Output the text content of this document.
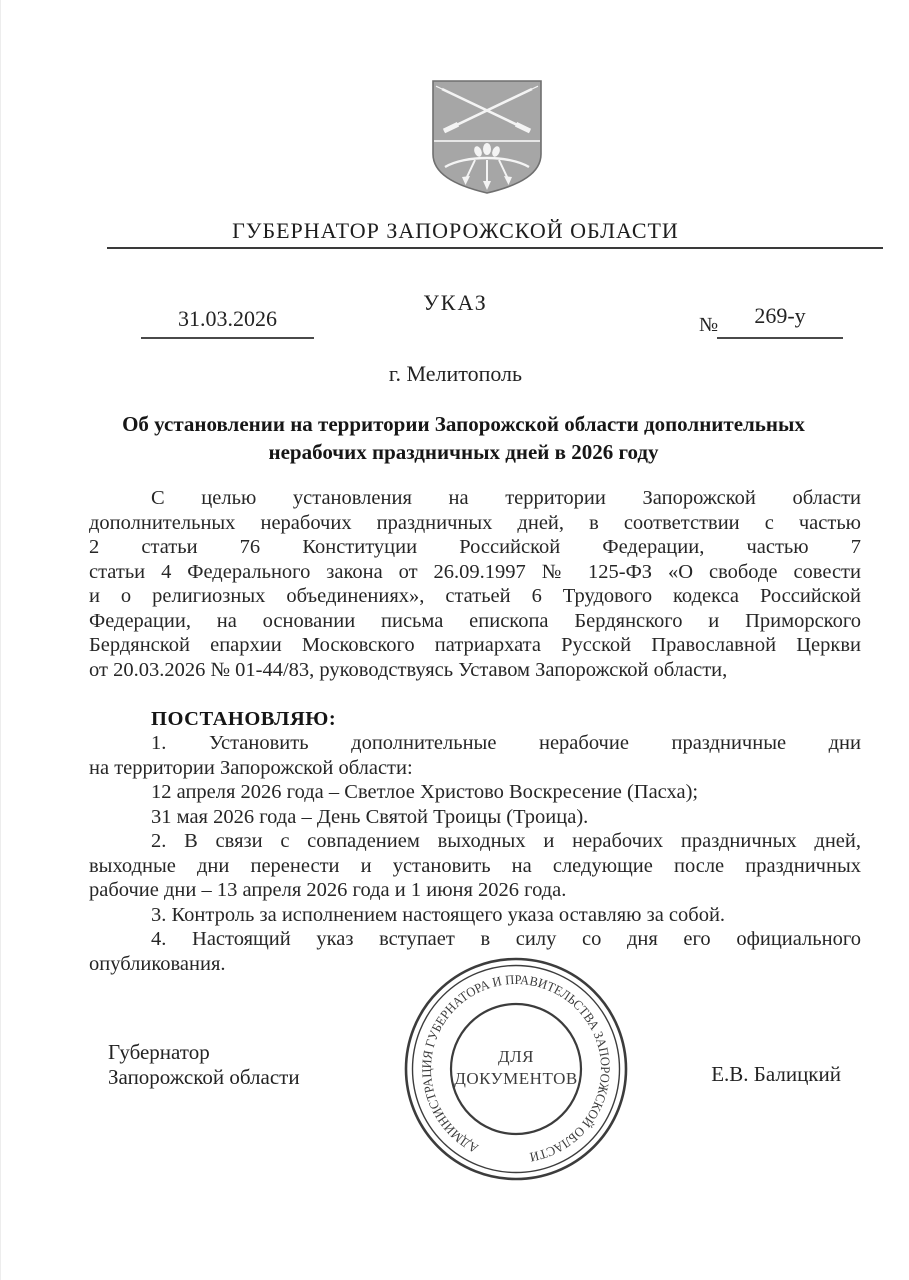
ГУБЕРНАТОР ЗАПОРОЖСКОЙ ОБЛАСТИ
УКАЗ
31.03.2026	№	269-у
г. Мелитополь
Об установлении на территории Запорожской области дополнительных
нерабочих праздничных дней в 2026 году
С целью установления на территории Запорожской области
дополнительных нерабочих праздничных дней, в соответствии с частью
2 статьи 76 Конституции Российской Федерации, частью 7
статьи 4 Федерального закона от 26.09.1997 № 125-ФЗ «О свободе совести
и о религиозных объединениях», статьей 6 Трудового кодекса Российской
Федерации, на основании письма епископа Бердянского и Приморского
Бердянской епархии Московского патриархата Русской Православной Церкви
от 20.03.2026 № 01-44/83, руководствуясь Уставом Запорожской области,
ПОСТАНОВЛЯЮ:
1. Установить дополнительные нерабочие праздничные дни
на территории Запорожской области:
12 апреля 2026 года – Светлое Христово Воскресение (Пасха);
31 мая 2026 года – День Святой Троицы (Троица).
2. В связи с совпадением выходных и нерабочих праздничных дней,
выходные дни перенести и установить на следующие после праздничных
рабочие дни – 13 апреля 2026 года и 1 июня 2026 года.
3. Контроль за исполнением настоящего указа оставляю за собой.
4. Настоящий указ вступает в силу со дня его официального
опубликования.
Губернатор
Запорожской области	Е.В. Балицкий
АДМИНИСТРАЦИЯ ГУБЕРНАТОРА И ПРАВИТЕЛЬСТВА ЗАПОРОЖСКОЙ ОБЛАСТИ
ДЛЯ
ДОКУМЕНТОВ
